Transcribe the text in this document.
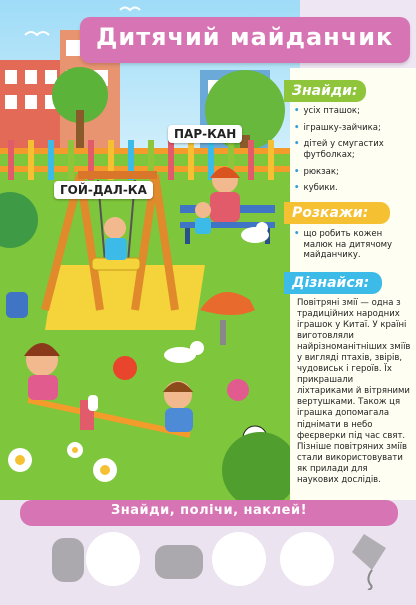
ПАР-КАН
ГОЙ-ДАЛ-КА
Дитячий майданчик
Знайди:
• усіх пташок;
• іграшку-зайчика;
• дітей у смугастих футболках;
• рюкзак;
• кубики.
Розкажи:
• що робить кожен малюк на дитячому майданчику.
Дізнайся:
Повітряні змії — одна з традиційних народних іграшок у Китаї. У країні виготовляли найрізноманітніших зміїв у вигляді птахів, звірів, чудовиськ і героїв. Їх прикрашали ліхтариками й вітряними вертушками. Також ця іграшка допомагала піднімати в небо феєрверки під час свят. Пізніше повітряних зміїв стали використовувати як прилади для наукових дослідів.
Знайди, полічи, наклей!
